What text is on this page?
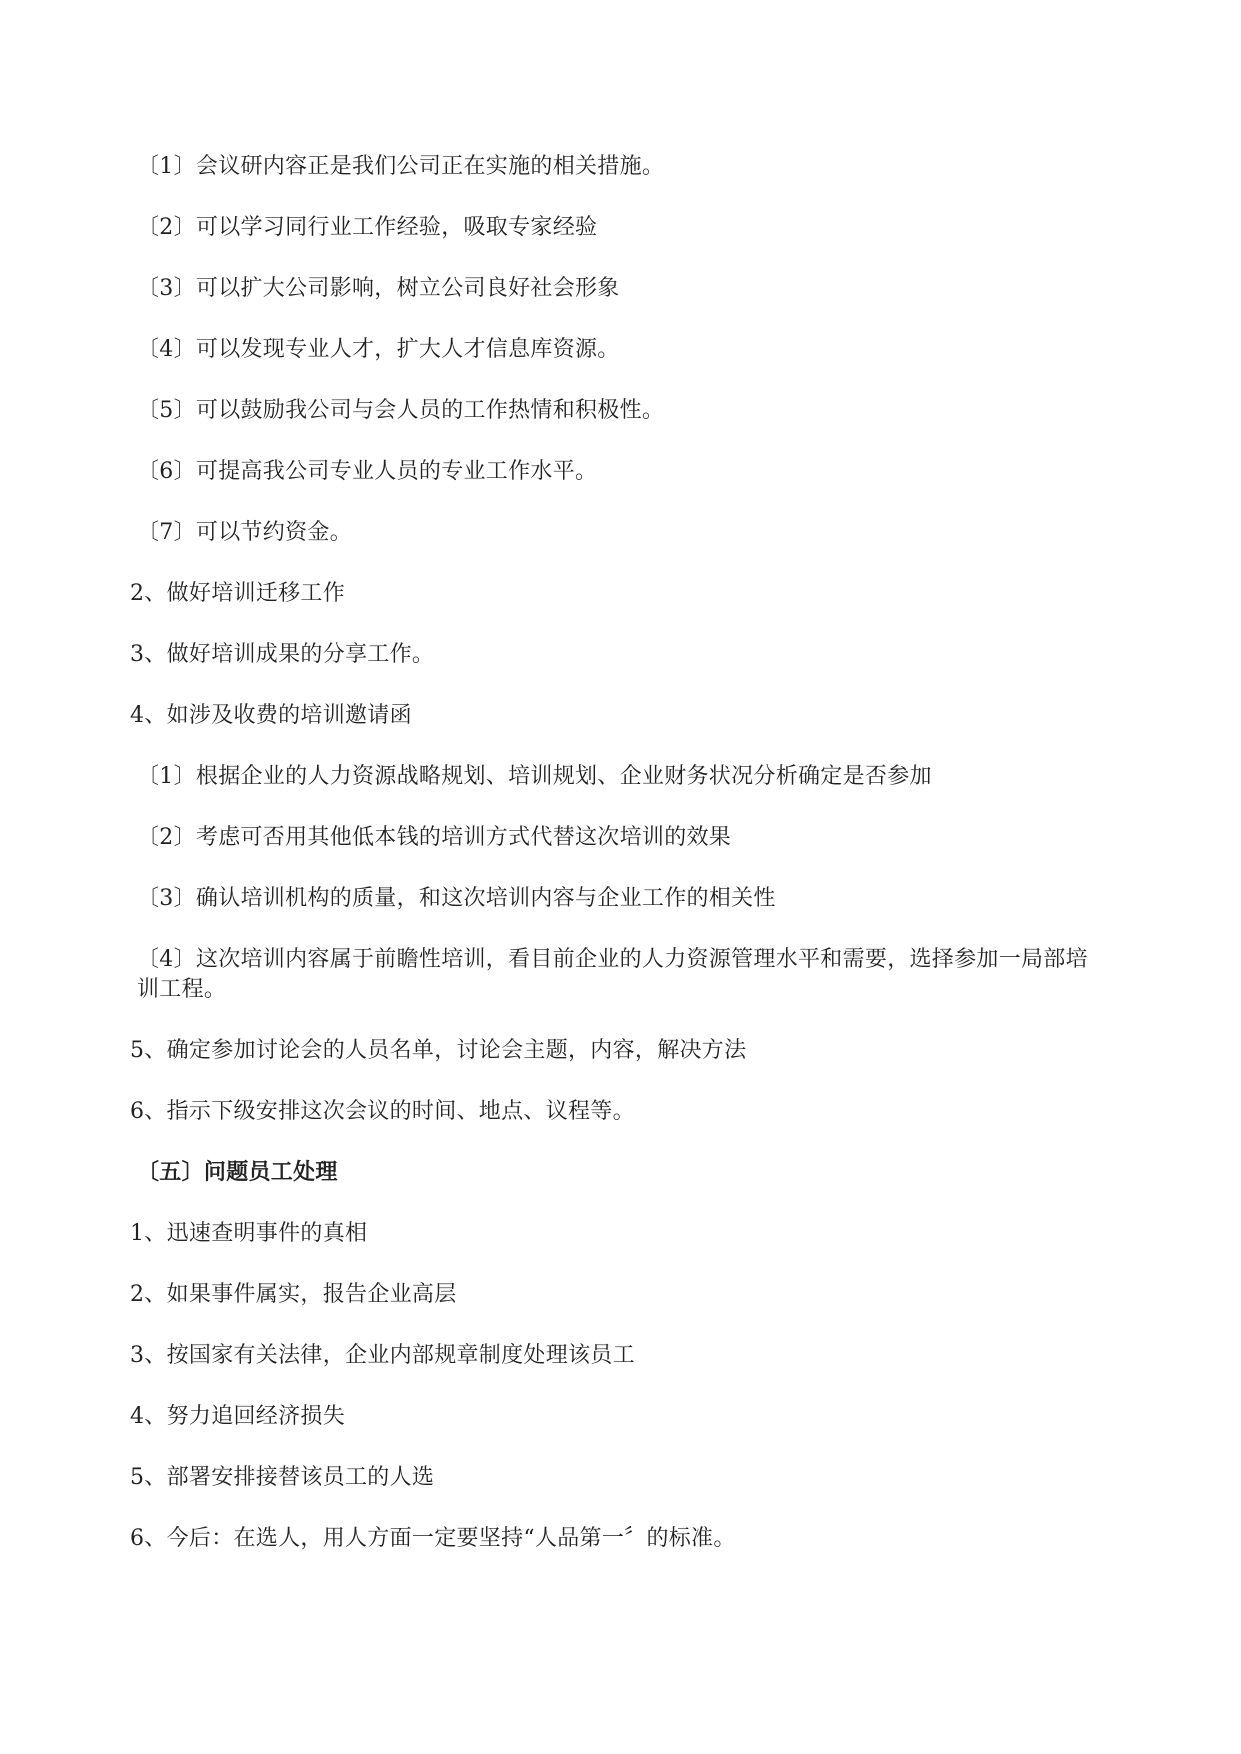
〔1〕会议研内容正是我们公司正在实施的相关措施。
〔2〕可以学习同行业工作经验，吸取专家经验
〔3〕可以扩大公司影响，树立公司良好社会形象
〔4〕可以发现专业人才，扩大人才信息库资源。
〔5〕可以鼓励我公司与会人员的工作热情和积极性。
〔6〕可提高我公司专业人员的专业工作水平。
〔7〕可以节约资金。
2、做好培训迁移工作
3、做好培训成果的分享工作。
4、如涉及收费的培训邀请函
〔1〕根据企业的人力资源战略规划、培训规划、企业财务状况分析确定是否参加
〔2〕考虑可否用其他低本钱的培训方式代替这次培训的效果
〔3〕确认培训机构的质量，和这次培训内容与企业工作的相关性
〔4〕这次培训内容属于前瞻性培训，看目前企业的人力资源管理水平和需要，选择参加一局部培训工程。
5、确定参加讨论会的人员名单，讨论会主题，内容，解决方法
6、指示下级安排这次会议的时间、地点、议程等。
〔五〕问题员工处理
1、迅速查明事件的真相
2、如果事件属实，报告企业高层
3、按国家有关法律，企业内部规章制度处理该员工
4、努力追回经济损失
5、部署安排接替该员工的人选
6、今后：在选人，用人方面一定要坚持“人品第一〞的标准。
